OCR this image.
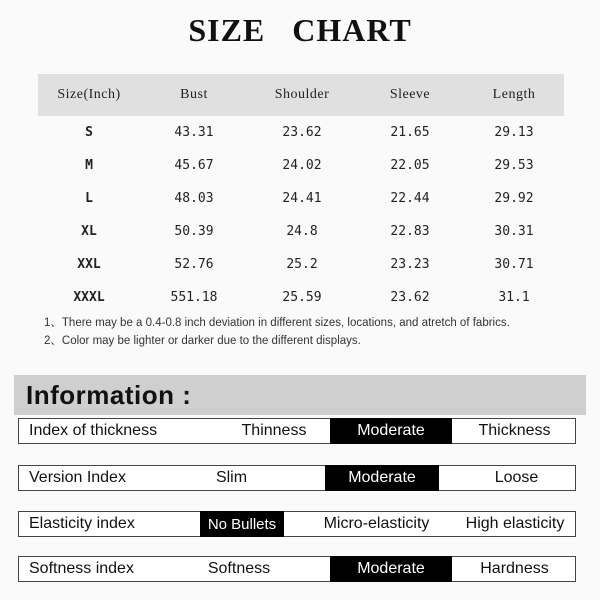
SIZE CHART
Size(Inch)	Bust	Shoulder	Sleeve	Length
S	43.31	23.62	21.65	29.13
M	45.67	24.02	22.05	29.53
L	48.03	24.41	22.44	29.92
XL	50.39	24.8	22.83	30.31
XXL	52.76	25.2	23.23	30.71
XXXL	551.18	25.59	23.62	31.1
1、There may be a 0.4-0.8 inch deviation in different sizes, locations, and atretch of fabrics.
2、Color may be lighter or darker due to the different displays.
Information :
Index of thickness	Thinness	Moderate	Thickness
Version Index	Slim	Moderate	Loose
Elasticity index	No Bullets	Micro-elasticity	High elasticity
Softness index	Softness	Moderate	Hardness
